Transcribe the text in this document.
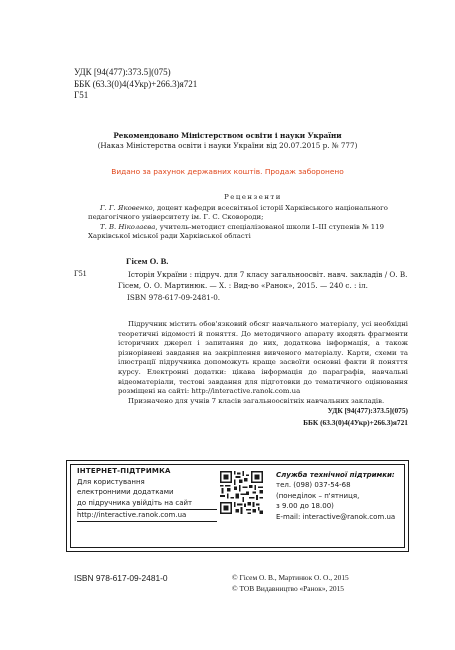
УДК [94(477):373.5](075)
ББК (63.3(0)4(4Укр)+266.3)я721
Г51
Рекомендовано Міністерством освіти і науки України
(Наказ Міністерства освіти і науки України від 20.07.2015 р. № 777)
Видано за рахунок державних коштів. Продаж заборонено
Рецензенти

Г. Г. Яковенко, доцент кафедри всесвітньої історії Харківського національного педагогічного університету ім. Г. С. Сковороди;

Т. В. Ніколаєва, учитель-методист спеціалізованої школи І–ІІІ ступенів № 119 Харківської міської ради Харківської області

Гісем О. В.
Г51	Історія України : підруч. для 7 класу загальноосвіт. навч. закладів / О. В. Гісем, О. О. Мартинюк. — Х. : Вид-во «Ранок», 2015. — 240 с. : іл.
ISBN 978-617-09-2481-0.

Підручник містить обов'язковий обсяг навчального матеріалу, усі необхідні теоретичні відомості й поняття. До методичного апарату входять фрагменти історичних джерел і запитання до них, додаткова інформація, а також різнорівневі завдання на закріплення вивченого матеріалу. Карти, схеми та ілюстрації підручника допоможуть краще засвоїти основні факти й поняття курсу. Електронні додатки: цікава інформація до параграфів, навчальні відеоматеріали, тестові завдання для підготовки до тематичного оцінювання розміщені на сайті: http://interactive.ranok.com.ua

Призначено для учнів 7 класів загальноосвітніх навчальних закладів.

УДК [94(477):373.5](075)
ББК (63.3(0)4(4Укр)+266.3)я721
ІНТЕРНЕТ-ПІДТРИМКА
Для користування
електронними додатками
до підручника увійдіть на сайт
http://interactive.ranok.com.ua
Служба технічної підтримки:
тел. (098) 037-54-68
(понеділок – п'ятниця,
з 9.00 до 18.00)
E-mail: interactive@ranok.com.ua
ISBN 978-617-09-2481-0	© Гісем О. В., Мартинюк О. О., 2015
© ТОВ Видавництво «Ранок», 2015
